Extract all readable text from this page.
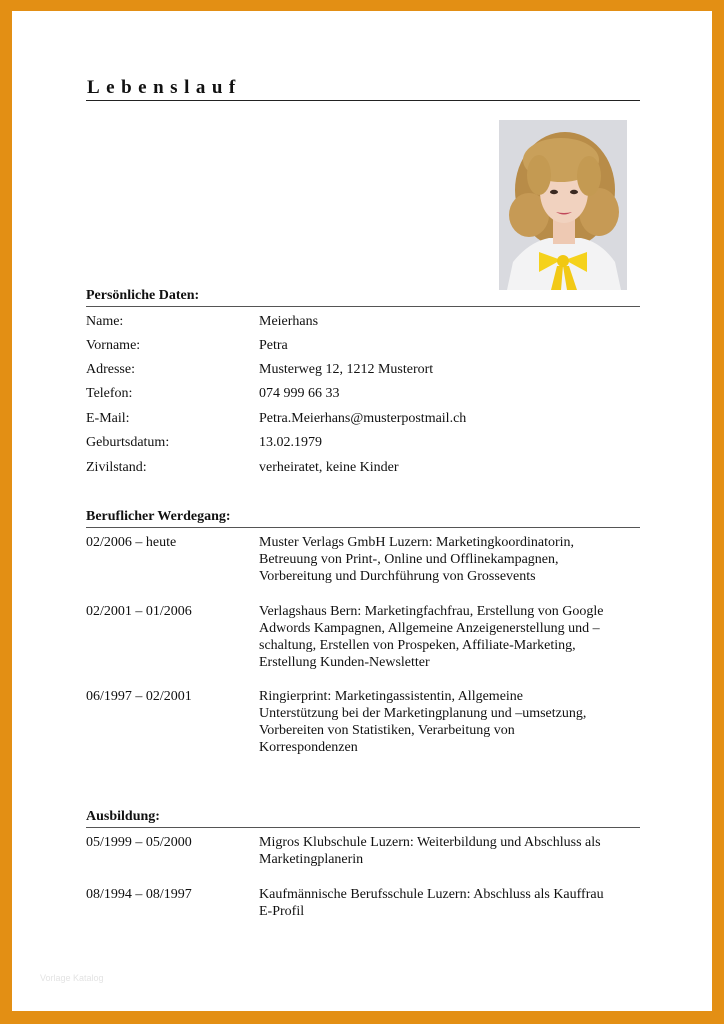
Lebenslauf
Persönliche Daten:
Name:	Meierhans
Vorname:	Petra
Adresse:	Musterweg 12, 1212 Musterort
Telefon:	074 999 66 33
E-Mail:	Petra.Meierhans@musterpostmail.ch
Geburtsdatum:	13.02.1979
Zivilstand:	verheiratet, keine Kinder
Beruflicher Werdegang:
02/2006 – heute	Muster Verlags GmbH Luzern: Marketingkoordinatorin,
Betreuung von Print-, Online und Offlinekampagnen,
Vorbereitung und Durchführung von Grossevents
02/2001 – 01/2006	Verlagshaus Bern: Marketingfachfrau, Erstellung von Google
Adwords Kampagnen, Allgemeine Anzeigenerstellung und –
schaltung, Erstellen von Prospeken, Affiliate-Marketing,
Erstellung Kunden-Newsletter
06/1997 – 02/2001	Ringierprint: Marketingassistentin, Allgemeine
Unterstützung bei der Marketingplanung und –umsetzung,
Vorbereiten von Statistiken, Verarbeitung von
Korrespondenzen
Ausbildung:
05/1999 – 05/2000	Migros Klubschule Luzern: Weiterbildung und Abschluss als
Marketingplanerin
08/1994 – 08/1997	Kaufmännische Berufsschule Luzern: Abschluss als Kauffrau
E-Profil
Vorlage Katalog
